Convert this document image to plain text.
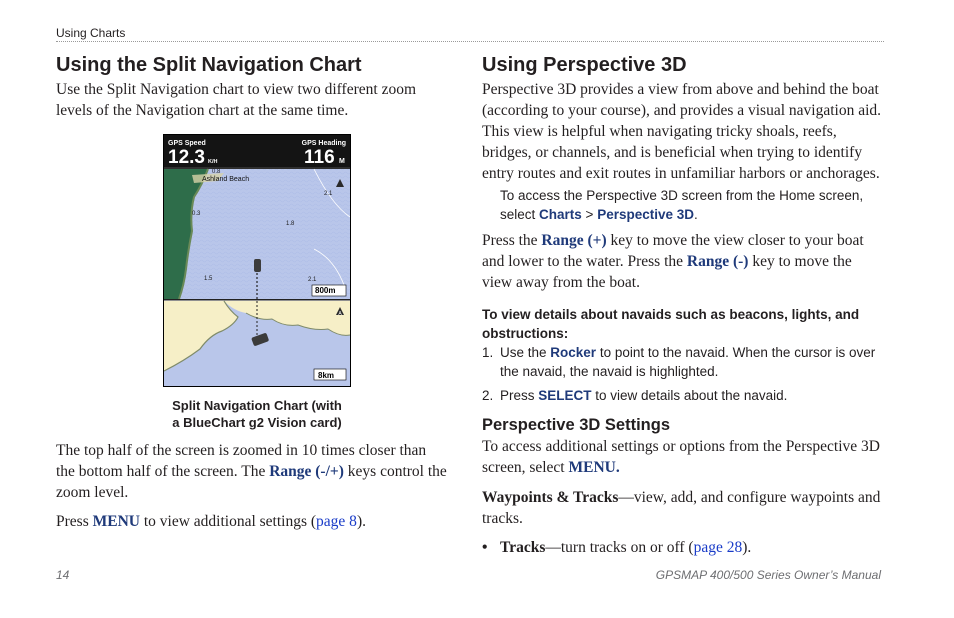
Using Charts
Using the Split Navigation Chart
Use the Split Navigation chart to view two different zoom levels of the Navigation chart at the same time.
GPS Speed
12.3 K/H
GPS Heading
116 M
0.8
Ashland Beach
2.1
0.3
1.8
1.5	2.1
800m
A
8km
Split Navigation Chart (with
a BlueChart g2 Vision card)
The top half of the screen is zoomed in 10 times closer than the bottom half of the screen. The Range (-/+) keys control the zoom level.
Press MENU to view additional settings (page 8).
Using Perspective 3D
Perspective 3D provides a view from above and behind the boat (according to your course), and provides a visual navigation aid. This view is helpful when navigating tricky shoals, reefs, bridges, or channels, and is beneficial when trying to identify entry routes and exit routes in unfamiliar harbors or anchorages.
To access the Perspective 3D screen from the Home screen, select Charts > Perspective 3D.
Press the Range (+) key to move the view closer to your boat and lower to the water. Press the Range (-) key to move the view away from the boat.
To view details about navaids such as beacons, lights, and obstructions:
1. Use the Rocker to point to the navaid. When the cursor is over the navaid, the navaid is highlighted.
2. Press SELECT to view details about the navaid.
Perspective 3D Settings
To access additional settings or options from the Perspective 3D screen, select MENU.
Waypoints & Tracks—view, add, and configure waypoints and tracks.
• Tracks—turn tracks on or off (page 28).
14	GPSMAP 400/500 Series Owner’s Manual
